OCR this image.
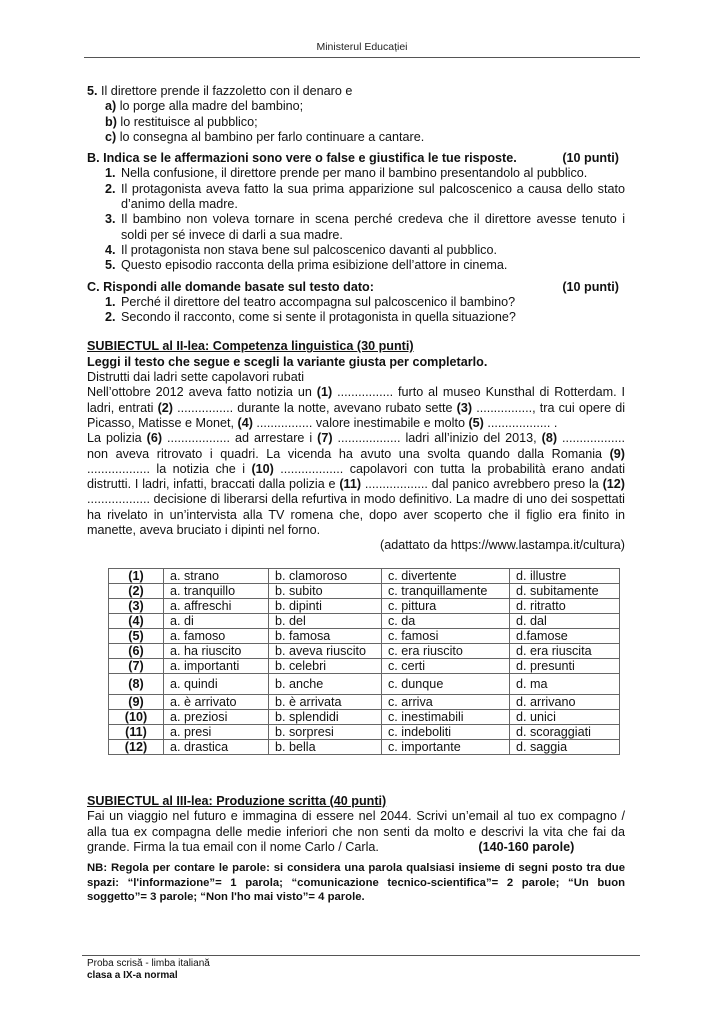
Ministerul Educației
5. Il direttore prende il fazzoletto con il denaro e
a) lo porge alla madre del bambino;
b) lo restituisce al pubblico;
c) lo consegna al bambino per farlo continuare a cantare.
B. Indica se le affermazioni sono vere o false e giustifica le tue risposte.	(10 punti)
1. Nella confusione, il direttore prende per mano il bambino presentandolo al pubblico.
2. Il protagonista aveva fatto la sua prima apparizione sul palcoscenico a causa dello stato d’animo della madre.
3. Il bambino non voleva tornare in scena perché credeva che il direttore avesse tenuto i soldi per sé invece di darli a sua madre.
4. Il protagonista non stava bene sul palcoscenico davanti al pubblico.
5. Questo episodio racconta della prima esibizione dell’attore in cinema.
C. Rispondi alle domande basate sul testo dato:	(10 punti)
1. Perché il direttore del teatro accompagna sul palcoscenico il bambino?
2. Secondo il racconto, come si sente il protagonista in quella situazione?
SUBIECTUL al II-lea: Competenza linguistica (30 punti)
Leggi il testo che segue e scegli la variante giusta per completarlo.
Distrutti dai ladri sette capolavori rubati
Nell’ottobre 2012 aveva fatto notizia un (1) ................ furto al museo Kunsthal di Rotterdam. I ladri, entrati (2) ................ durante la notte, avevano rubato sette (3) ................, tra cui opere di Picasso, Matisse e Monet, (4) ................ valore inestimabile e molto (5) .................. .
La polizia (6) .................. ad arrestare i (7) .................. ladri all’inizio del 2013, (8) .................. non aveva ritrovato i quadri. La vicenda ha avuto una svolta quando dalla Romania (9) .................. la notizia che i (10) .................. capolavori con tutta la probabilità erano andati distrutti. I ladri, infatti, braccati dalla polizia e (11) .................. dal panico avrebbero preso la (12) .................. decisione di liberarsi della refurtiva in modo definitivo. La madre di uno dei sospettati ha rivelato in un’intervista alla TV romena che, dopo aver scoperto che il figlio era finito in manette, aveva bruciato i dipinti nel forno.
(adattato da https://www.lastampa.it/cultura)
(1)	a. strano	b. clamoroso	c. divertente	d. illustre
(2)	a. tranquillo	b. subito	c. tranquillamente	d. subitamente
(3)	a. affreschi	b. dipinti	c. pittura	d. ritratto
(4)	a. di	b. del	c. da	d. dal
(5)	a. famoso	b. famosa	c. famosi	d.famose
(6)	a. ha riuscito	b. aveva riuscito	c. era riuscito	d. era riuscita
(7)	a. importanti	b. celebri	c. certi	d. presunti
(8)	a. quindi	b. anche	c. dunque	d. ma
(9)	a. è arrivato	b. è arrivata	c. arriva	d. arrivano
(10)	a. preziosi	b. splendidi	c. inestimabili	d. unici
(11)	a. presi	b. sorpresi	c. indeboliti	d. scoraggiati
(12)	a. drastica	b. bella	c. importante	d. saggia
SUBIECTUL al III-lea: Produzione scritta (40 punti)
Fai un viaggio nel futuro e immagina di essere nel 2044. Scrivi un’email al tuo ex compagno / alla tua ex compagna delle medie inferiori che non senti da molto e descrivi la vita che fai da grande. Firma la tua email con il nome Carlo / Carla.	(140-160 parole)
NB: Regola per contare le parole: si considera una parola qualsiasi insieme di segni posto tra due spazi: “l'informazione”= 1 parola; “comunicazione tecnico-scientifica”= 2 parole; “Un buon soggetto”= 3 parole; “Non l'ho mai visto”= 4 parole.
Proba scrisă - limba italiană
clasa a IX-a normal
